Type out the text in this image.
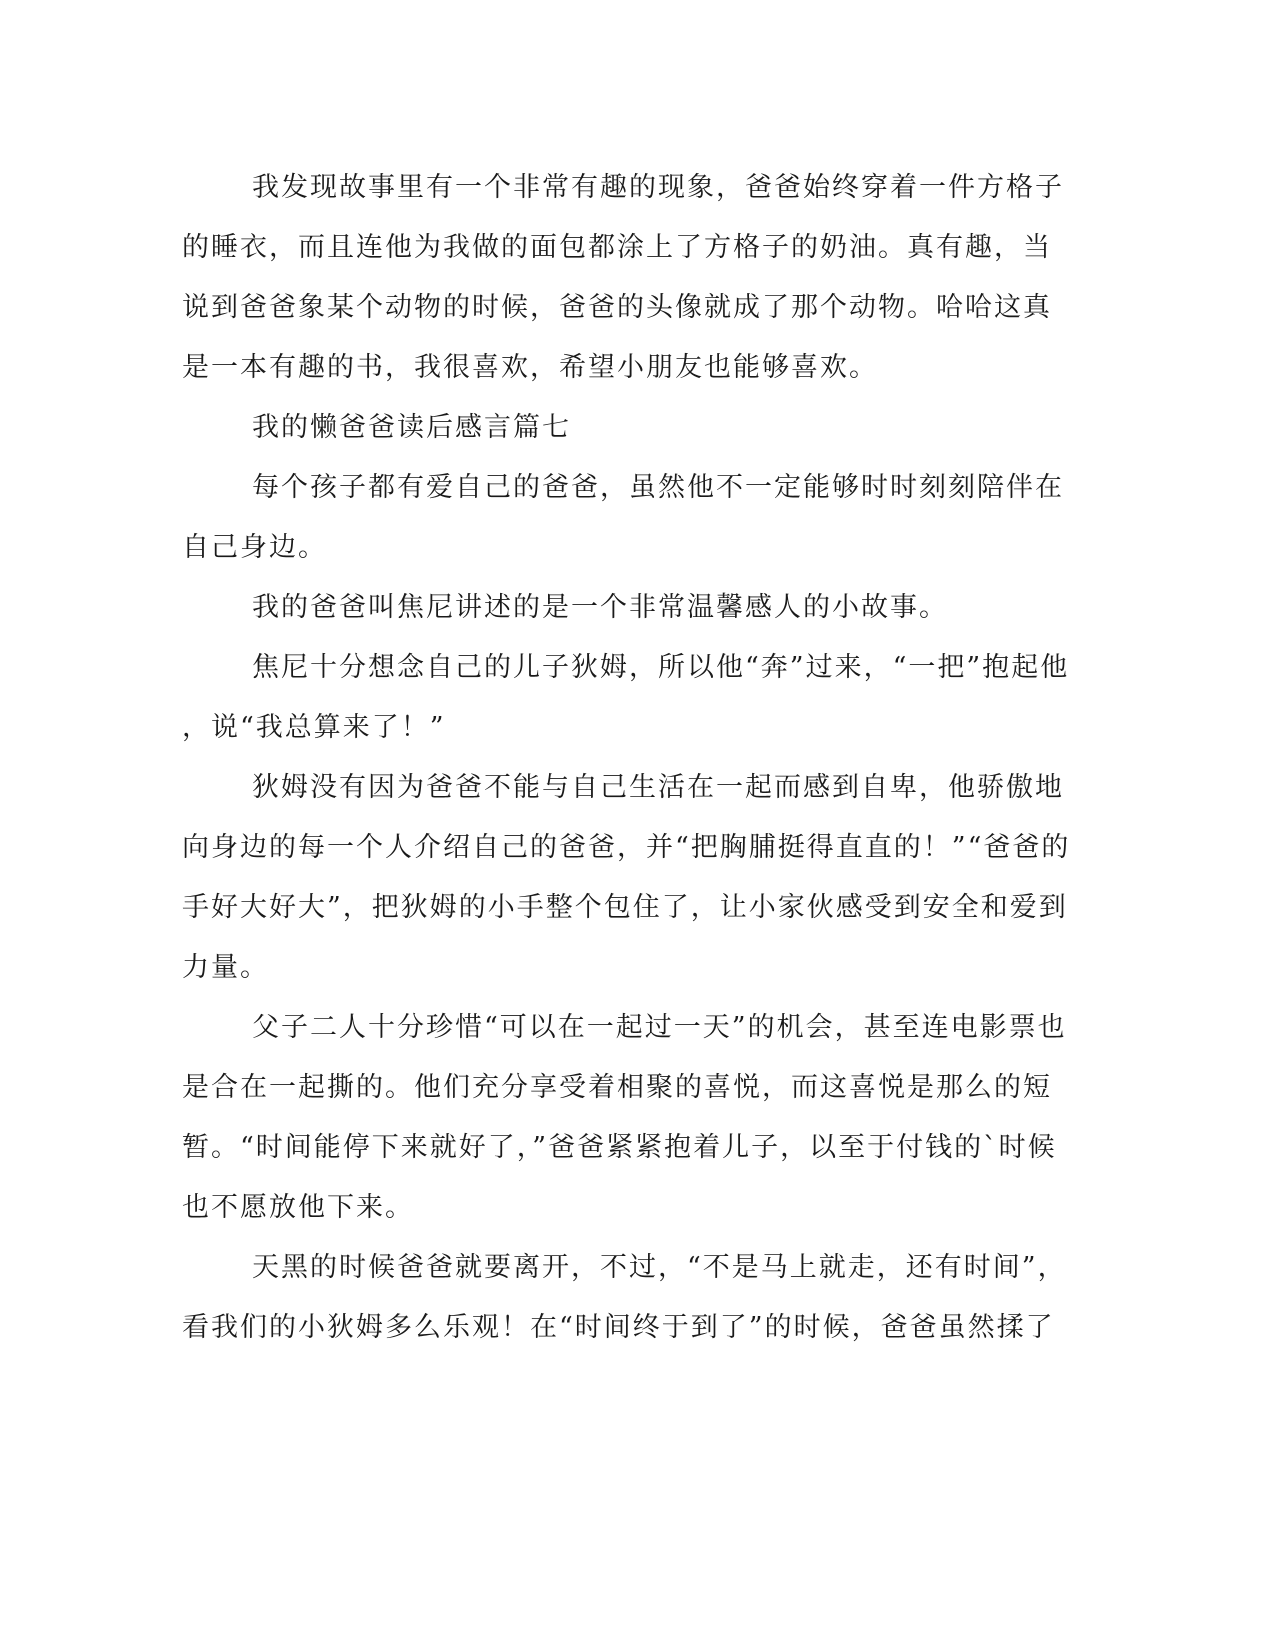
我发现故事里有一个非常有趣的现象，爸爸始终穿着一件方格子
的睡衣，而且连他为我做的面包都涂上了方格子的奶油。真有趣，当
说到爸爸象某个动物的时候，爸爸的头像就成了那个动物。哈哈这真
是一本有趣的书，我很喜欢，希望小朋友也能够喜欢。
我的懒爸爸读后感言篇七
每个孩子都有爱自己的爸爸，虽然他不一定能够时时刻刻陪伴在
自己身边。
我的爸爸叫焦尼讲述的是一个非常温馨感人的小故事。
焦尼十分想念自己的儿子狄姆，所以他“奔”过来，“一把”抱起他
，说“我总算来了！”
狄姆没有因为爸爸不能与自己生活在一起而感到自卑，他骄傲地
向身边的每一个人介绍自己的爸爸，并“把胸脯挺得直直的！”“爸爸的
手好大好大”，把狄姆的小手整个包住了，让小家伙感受到安全和爱到
力量。
父子二人十分珍惜“可以在一起过一天”的机会，甚至连电影票也
是合在一起撕的。他们充分享受着相聚的喜悦，而这喜悦是那么的短
暂。“时间能停下来就好了，”爸爸紧紧抱着儿子，以至于付钱的`时候
也不愿放他下来。
天黑的时候爸爸就要离开，不过，“不是马上就走，还有时间”，
看我们的小狄姆多么乐观！在“时间终于到了”的时候，爸爸虽然揉了
